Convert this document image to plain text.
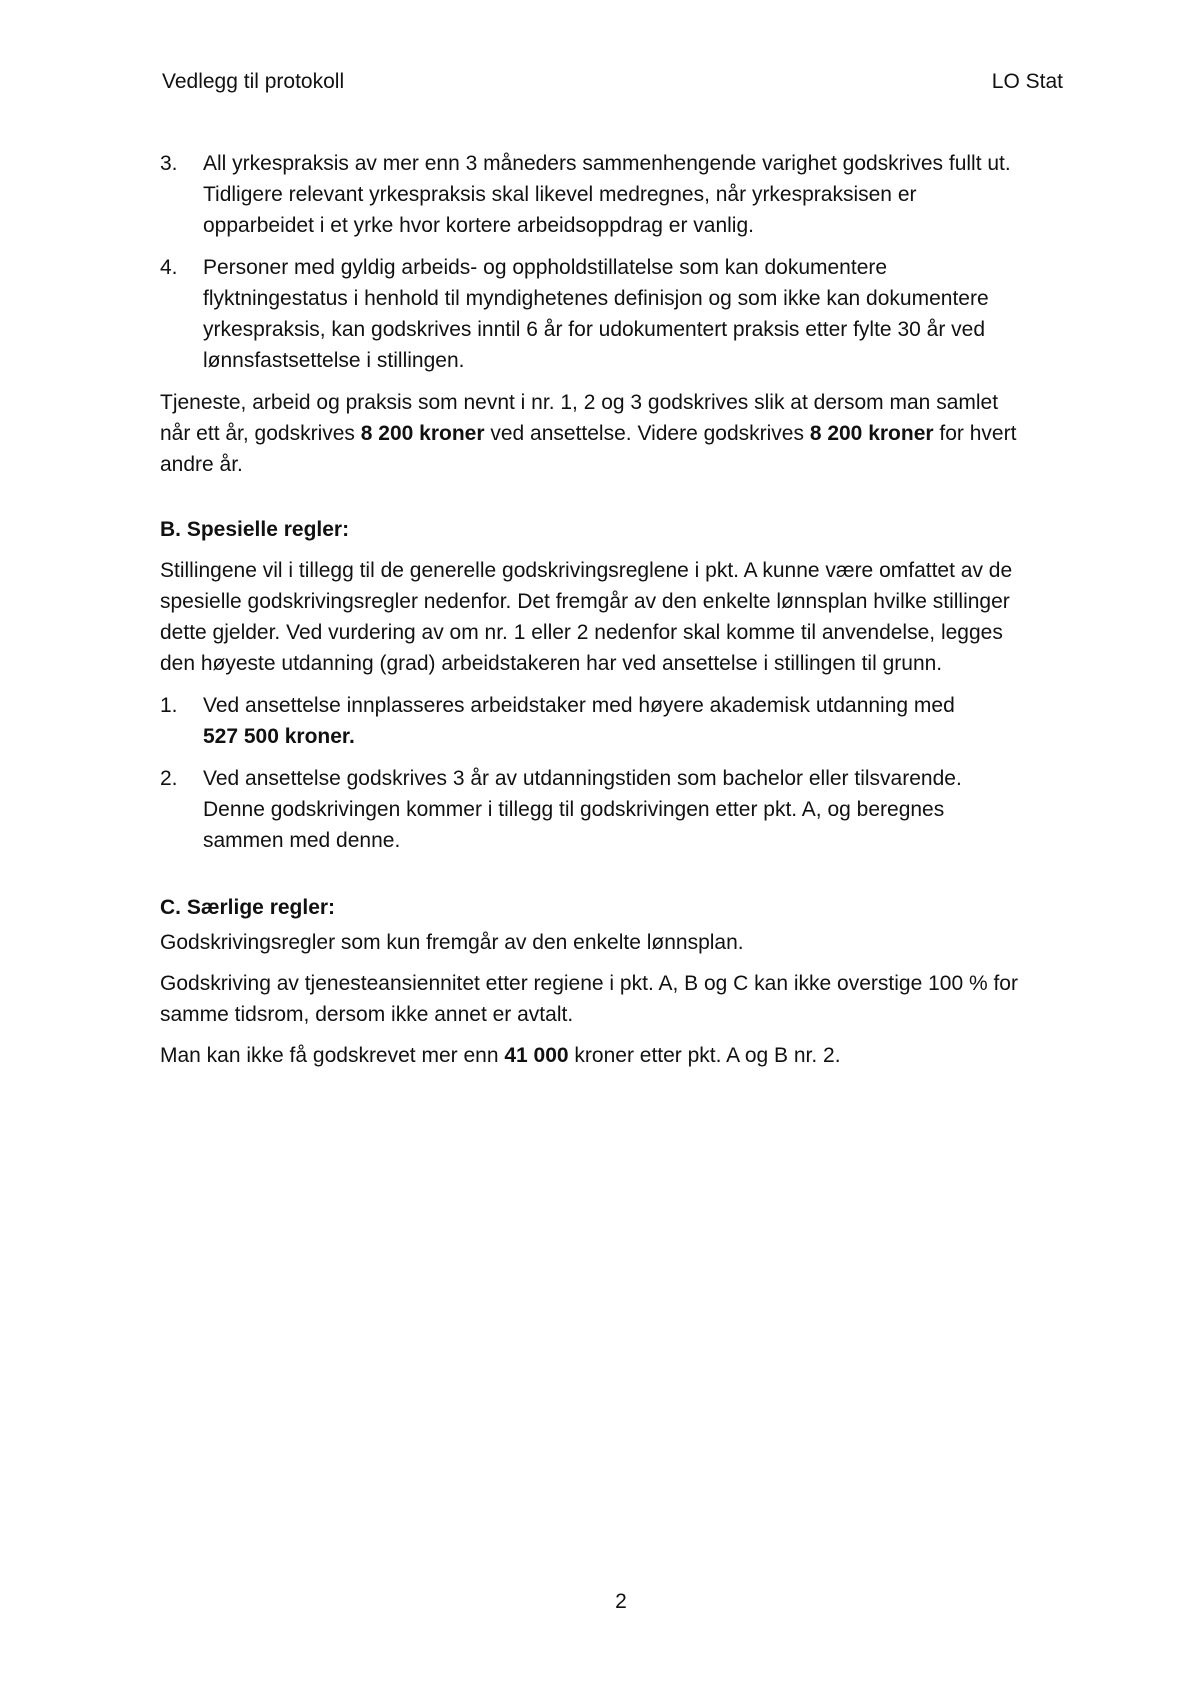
Vedlegg til protokoll	LO Stat
3. All yrkespraksis av mer enn 3 måneders sammenhengende varighet godskrives fullt ut.
Tidligere relevant yrkespraksis skal likevel medregnes, når yrkespraksisen er
opparbeidet i et yrke hvor kortere arbeidsoppdrag er vanlig.
4. Personer med gyldig arbeids- og oppholdstillatelse som kan dokumentere
flyktningestatus i henhold til myndighetenes definisjon og som ikke kan dokumentere
yrkespraksis, kan godskrives inntil 6 år for udokumentert praksis etter fylte 30 år ved
lønnsfastsettelse i stillingen.

Tjeneste, arbeid og praksis som nevnt i nr. 1, 2 og 3 godskrives slik at dersom man samlet
når ett år, godskrives 8 200 kroner ved ansettelse. Videre godskrives 8 200 kroner for hvert
andre år.

B. Spesielle regler:

Stillingene vil i tillegg til de generelle godskrivingsreglene i pkt. A kunne være omfattet av de
spesielle godskrivingsregler nedenfor. Det fremgår av den enkelte lønnsplan hvilke stillinger
dette gjelder. Ved vurdering av om nr. 1 eller 2 nedenfor skal komme til anvendelse, legges
den høyeste utdanning (grad) arbeidstakeren har ved ansettelse i stillingen til grunn.

1. Ved ansettelse innplasseres arbeidstaker med høyere akademisk utdanning med
527 500 kroner.
2. Ved ansettelse godskrives 3 år av utdanningstiden som bachelor eller tilsvarende.
Denne godskrivingen kommer i tillegg til godskrivingen etter pkt. A, og beregnes
sammen med denne.

C. Særlige regler:

Godskrivingsregler som kun fremgår av den enkelte lønnsplan.

Godskriving av tjenesteansiennitet etter regiene i pkt. A, B og C kan ikke overstige 100 % for
samme tidsrom, dersom ikke annet er avtalt.

Man kan ikke få godskrevet mer enn 41 000 kroner etter pkt. A og B nr. 2.

2
